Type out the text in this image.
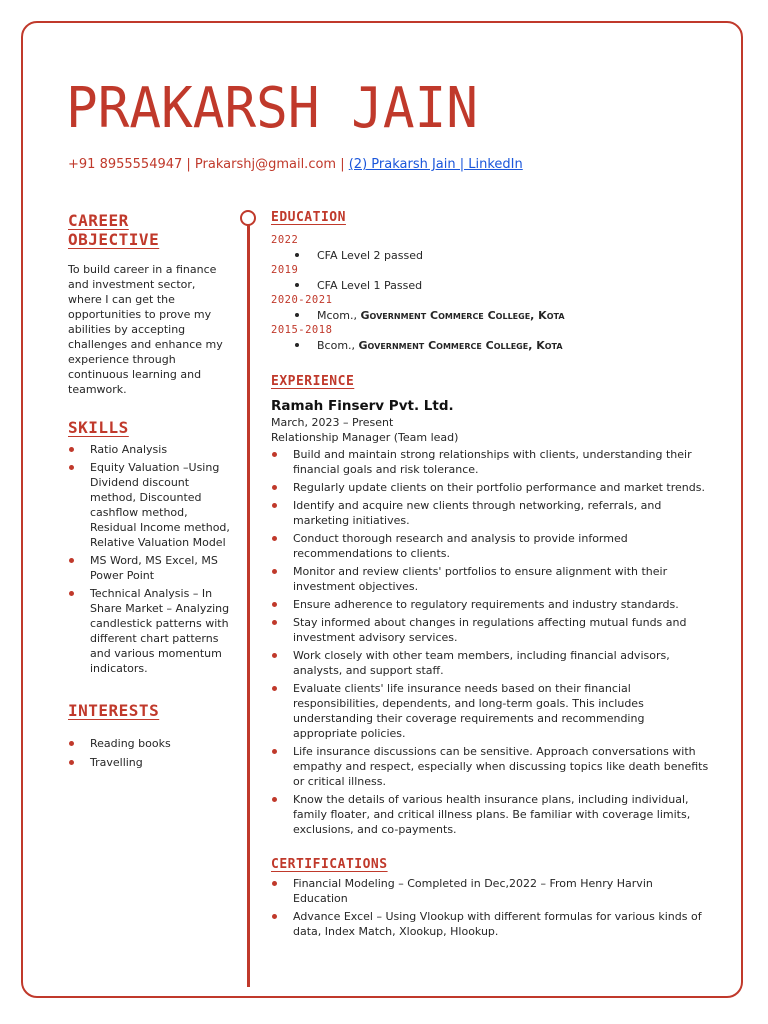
PRAKARSH JAIN
+91 8955554947 | Prakarshj@gmail.com | (2) Prakarsh Jain | LinkedIn
CAREER OBJECTIVE

To build career in a finance and investment sector, where I can get the opportunities to prove my abilities by accepting challenges and enhance my experience through continuous learning and teamwork.

SKILLS
Ratio Analysis
Equity Valuation –Using Dividend discount method, Discounted cashflow method, Residual Income method, Relative Valuation Model
MS Word, MS Excel, MS Power Point
Technical Analysis – In Share Market – Analyzing candlestick patterns with different chart patterns and various momentum indicators.
INTERESTS
Reading books
Travelling
EDUCATION
2022
CFA Level 2 passed
2019
CFA Level 1 Passed
2020-2021
Mcom., Government Commerce College, Kota
2015-2018
Bcom., Government Commerce College, Kota
EXPERIENCE

Ramah Finserv Pvt. Ltd.

March, 2023 – Present
Relationship Manager (Team lead)
Build and maintain strong relationships with clients, understanding their financial goals and risk tolerance.
Regularly update clients on their portfolio performance and market trends.
Identify and acquire new clients through networking, referrals, and marketing initiatives.
Conduct thorough research and analysis to provide informed recommendations to clients.
Monitor and review clients' portfolios to ensure alignment with their investment objectives.
Ensure adherence to regulatory requirements and industry standards.
Stay informed about changes in regulations affecting mutual funds and investment advisory services.
Work closely with other team members, including financial advisors, analysts, and support staff.
Evaluate clients' life insurance needs based on their financial responsibilities, dependents, and long-term goals. This includes understanding their coverage requirements and recommending appropriate policies.
Life insurance discussions can be sensitive. Approach conversations with empathy and respect, especially when discussing topics like death benefits or critical illness.
Know the details of various health insurance plans, including individual, family floater, and critical illness plans. Be familiar with coverage limits, exclusions, and co-payments.
CERTIFICATIONS
Financial Modeling – Completed in Dec,2022 – From Henry Harvin Education
Advance Excel – Using Vlookup with different formulas for various kinds of data, Index Match, Xlookup, Hlookup.
